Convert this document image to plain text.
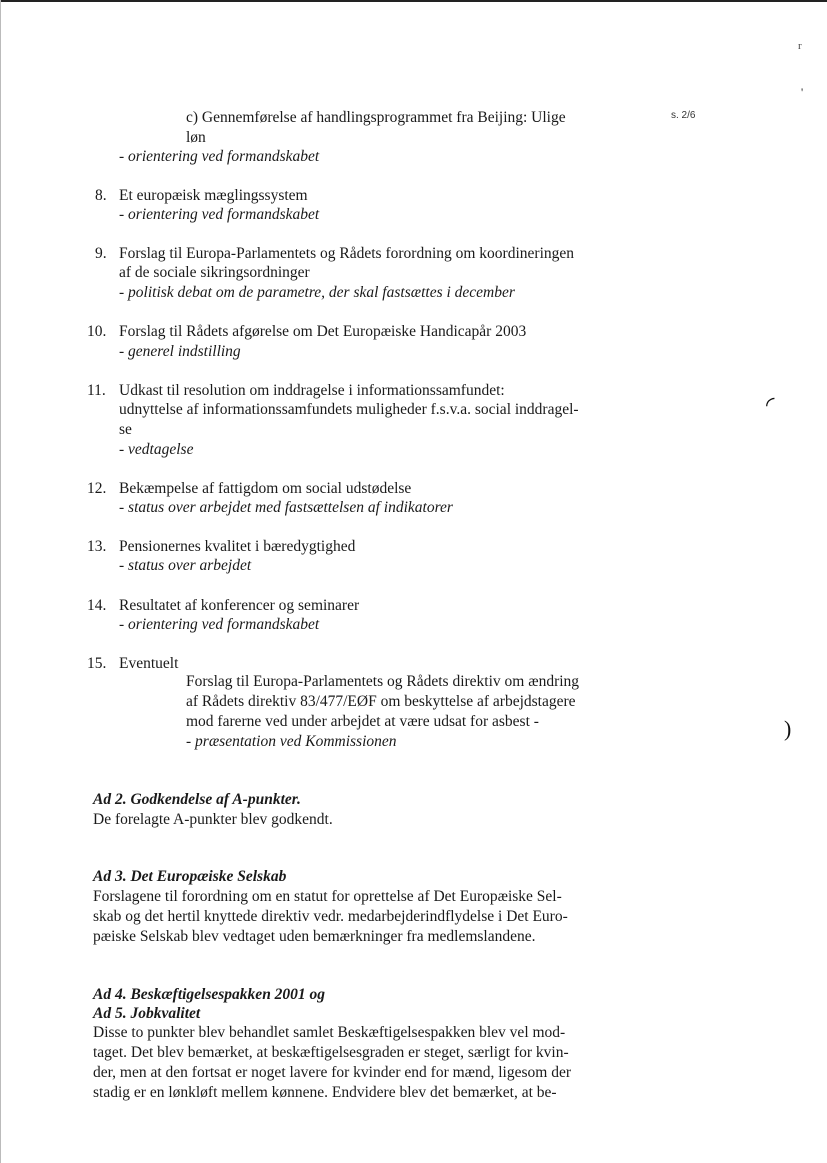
s. 2/6
r
'
◜
)
c) Gennemførelse af handlingsprogrammet fra Beijing: Ulige
løn
- orientering ved formandskabet
8. Et europæisk mæglingssystem
- orientering ved formandskabet
9. Forslag til Europa-Parlamentets og Rådets forordning om koordineringen
af de sociale sikringsordninger
- politisk debat om de parametre, der skal fastsættes i december
10. Forslag til Rådets afgørelse om Det Europæiske Handicapår 2003
- generel indstilling
11. Udkast til resolution om inddragelse i informationssamfundet:
udnyttelse af informationssamfundets muligheder f.s.v.a. social inddragel-
se
- vedtagelse
12. Bekæmpelse af fattigdom om social udstødelse
- status over arbejdet med fastsættelsen af indikatorer
13. Pensionernes kvalitet i bæredygtighed
- status over arbejdet
14. Resultatet af konferencer og seminarer
- orientering ved formandskabet
15. Eventuelt
Forslag til Europa-Parlamentets og Rådets direktiv om ændring
af Rådets direktiv 83/477/EØF om beskyttelse af arbejdstagere
mod farerne ved under arbejdet at være udsat for asbest -
- præsentation ved Kommissionen
Ad 2. Godkendelse af A-punkter.
De forelagte A-punkter blev godkendt.
Ad 3. Det Europæiske Selskab
Forslagene til forordning om en statut for oprettelse af Det Europæiske Sel-
skab og det hertil knyttede direktiv vedr. medarbejderindflydelse i Det Euro-
pæiske Selskab blev vedtaget uden bemærkninger fra medlemslandene.
Ad 4. Beskæftigelsespakken 2001 og
Ad 5. Jobkvalitet
Disse to punkter blev behandlet samlet Beskæftigelsespakken blev vel mod-
taget. Det blev bemærket, at beskæftigelsesgraden er steget, særligt for kvin-
der, men at den fortsat er noget lavere for kvinder end for mænd, ligesom der
stadig er en lønkløft mellem kønnene. Endvidere blev det bemærket, at be-
